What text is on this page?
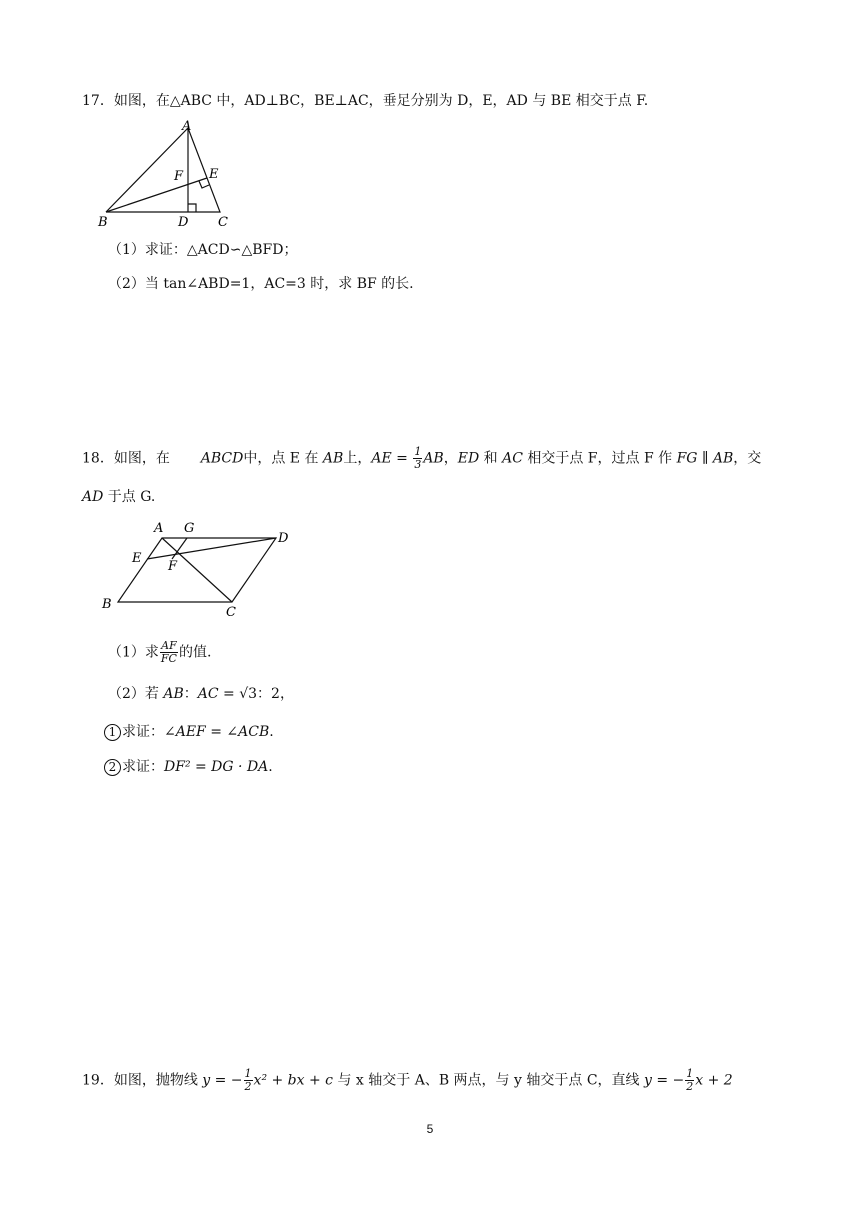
17．如图，在△ABC 中，AD⊥BC，BE⊥AC，垂足分别为 D，E，AD 与 BE 相交于点 F.
A
B	C
D
E
F
（1）求证：△ACD∽△BFD；
（2）当 tan∠ABD=1，AC=3 时，求 BF 的长.
18．如图，在 ABCD中，点 E 在 AB上，AE = $\frac{1}{3}$ AB，ED 和 AC 相交于点 F，过点 F 作 FG ∥ AB，交
AD 于点 G.
A G
D
E
F
B
C
（1）求 $\frac{AF}{FC}$ 的值.
（2）若 AB：AC = √3：2，
1 求证：∠AEF = ∠ACB.
2 求证：DF² = DG · DA.
19．如图，抛物线 y = − $\frac{1}{2} x^2$ + bx + c 与 x 轴交于 A、B 两点，与 y 轴交于点 C，直线 y = − $\frac{1}{2}$ x + 2
5
